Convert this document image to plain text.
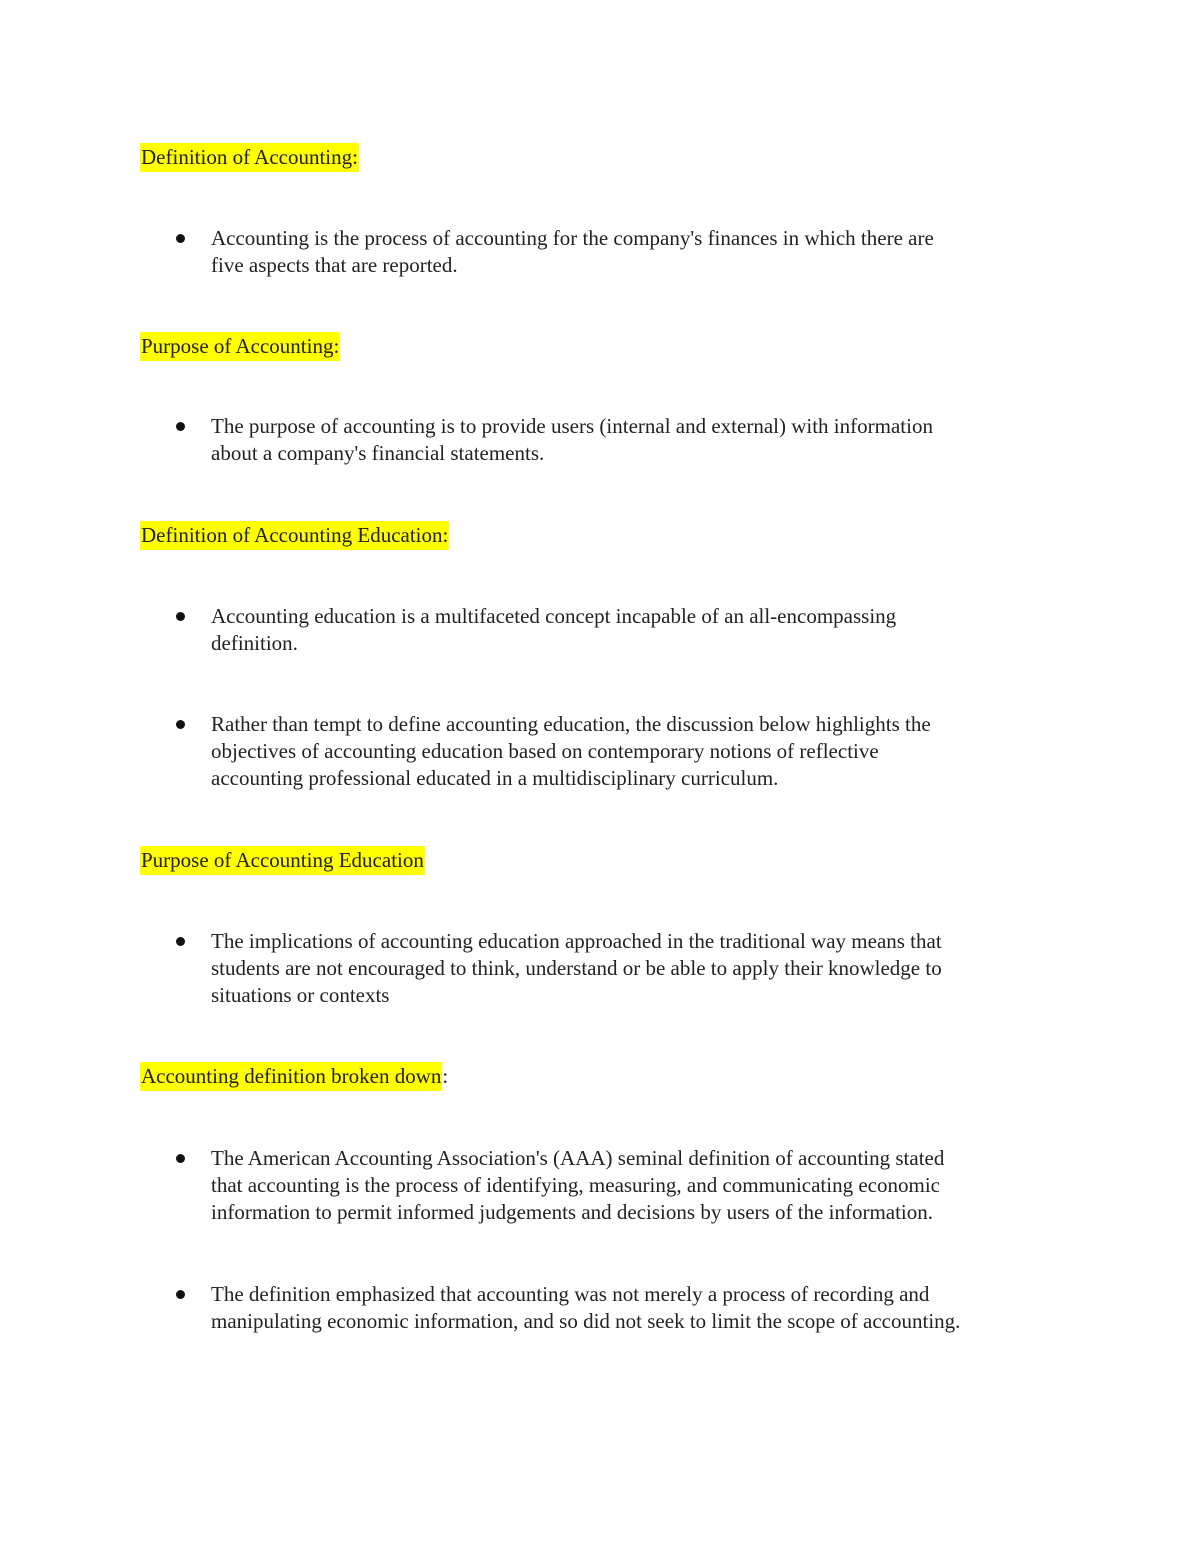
Definition of Accounting:
Accounting is the process of accounting for the company's finances in which there are
five aspects that are reported.
Purpose of Accounting:
The purpose of accounting is to provide users (internal and external) with information
about a company's financial statements.
Definition of Accounting Education:
Accounting education is a multifaceted concept incapable of an all-encompassing
definition.
Rather than tempt to define accounting education, the discussion below highlights the
objectives of accounting education based on contemporary notions of reflective
accounting professional educated in a multidisciplinary curriculum.
Purpose of Accounting Education
The implications of accounting education approached in the traditional way means that
students are not encouraged to think, understand or be able to apply their knowledge to
situations or contexts
Accounting definition broken down:
The American Accounting Association's (AAA) seminal definition of accounting stated
that accounting is the process of identifying, measuring, and communicating economic
information to permit informed judgements and decisions by users of the information.
The definition emphasized that accounting was not merely a process of recording and
manipulating economic information, and so did not seek to limit the scope of accounting.
